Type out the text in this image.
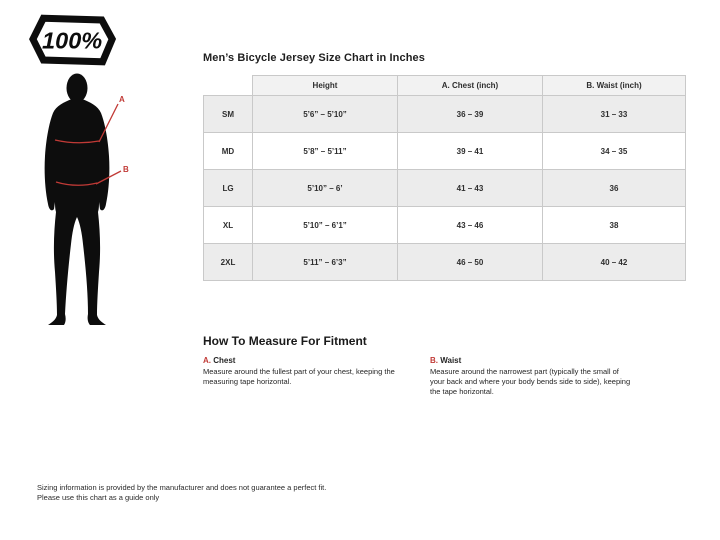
100%
A
B
Men’s Bicycle Jersey Size Chart in Inches
	Height	A. Chest (inch)	B. Waist (inch)
SM	5’6” – 5’10”	36 – 39	31 – 33
MD	5’8” – 5’11”	39 – 41	34 – 35
LG	5’10” – 6’	41 – 43	36
XL	5’10” – 6’1”	43 – 46	38
2XL	5’11” – 6’3”	46 – 50	40 – 42
How To Measure For Fitment
A. Chest
Measure around the fullest part of your chest, keeping the
measuring tape horizontal.
B. Waist
Measure around the narrowest part (typically the small of
your back and where your body bends side to side), keeping
the tape horizontal.
Sizing information is provided by the manufacturer and does not guarantee a perfect fit.
Please use this chart as a guide only
